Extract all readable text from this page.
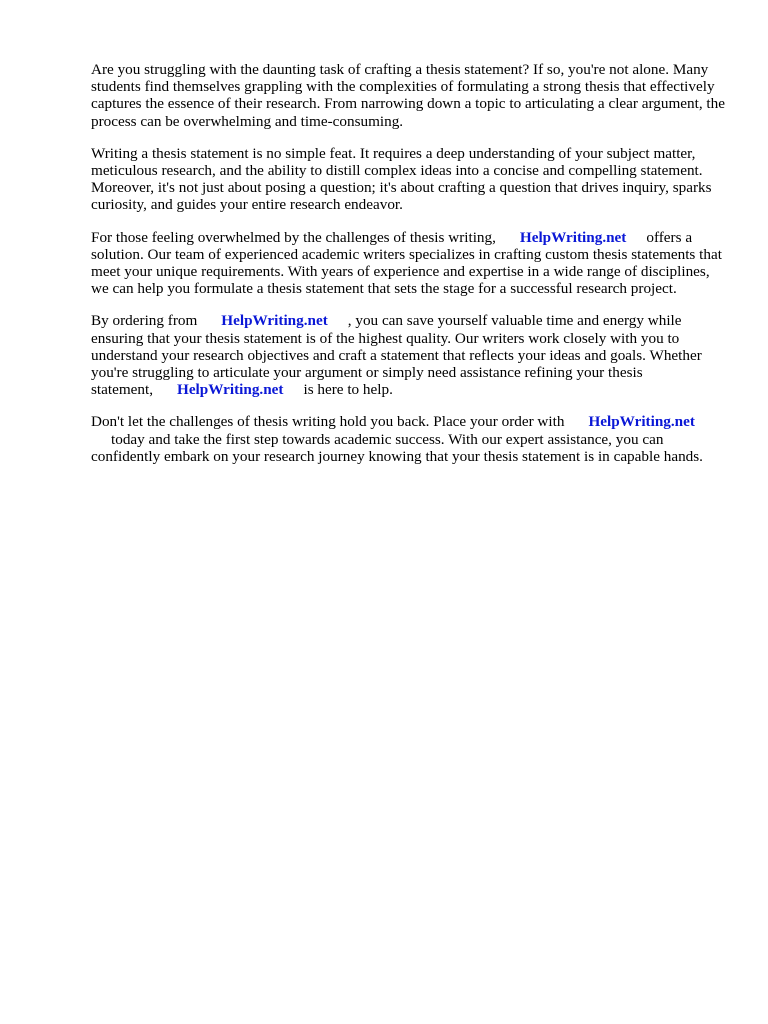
Are you struggling with the daunting task of crafting a thesis statement? If so, you're not alone. Many students find themselves grappling with the complexities of formulating a strong thesis that effectively captures the essence of their research. From narrowing down a topic to articulating a clear argument, the process can be overwhelming and time-consuming.

Writing a thesis statement is no simple feat. It requires a deep understanding of your subject matter, meticulous research, and the ability to distill complex ideas into a concise and compelling statement. Moreover, it's not just about posing a question; it's about crafting a question that drives inquiry, sparks curiosity, and guides your entire research endeavor.

For those feeling overwhelmed by the challenges of thesis writing, HelpWriting.net offers a solution. Our team of experienced academic writers specializes in crafting custom thesis statements that meet your unique requirements. With years of experience and expertise in a wide range of disciplines, we can help you formulate a thesis statement that sets the stage for a successful research project.

By ordering from HelpWriting.net , you can save yourself valuable time and energy while ensuring that your thesis statement is of the highest quality. Our writers work closely with you to understand your research objectives and craft a statement that reflects your ideas and goals. Whether you're struggling to articulate your argument or simply need assistance refining your thesis statement, HelpWriting.net is here to help.

Don't let the challenges of thesis writing hold you back. Place your order with HelpWriting.net
today and take the first step towards academic success. With our expert assistance, you can confidently embark on your research journey knowing that your thesis statement is in capable hands.
